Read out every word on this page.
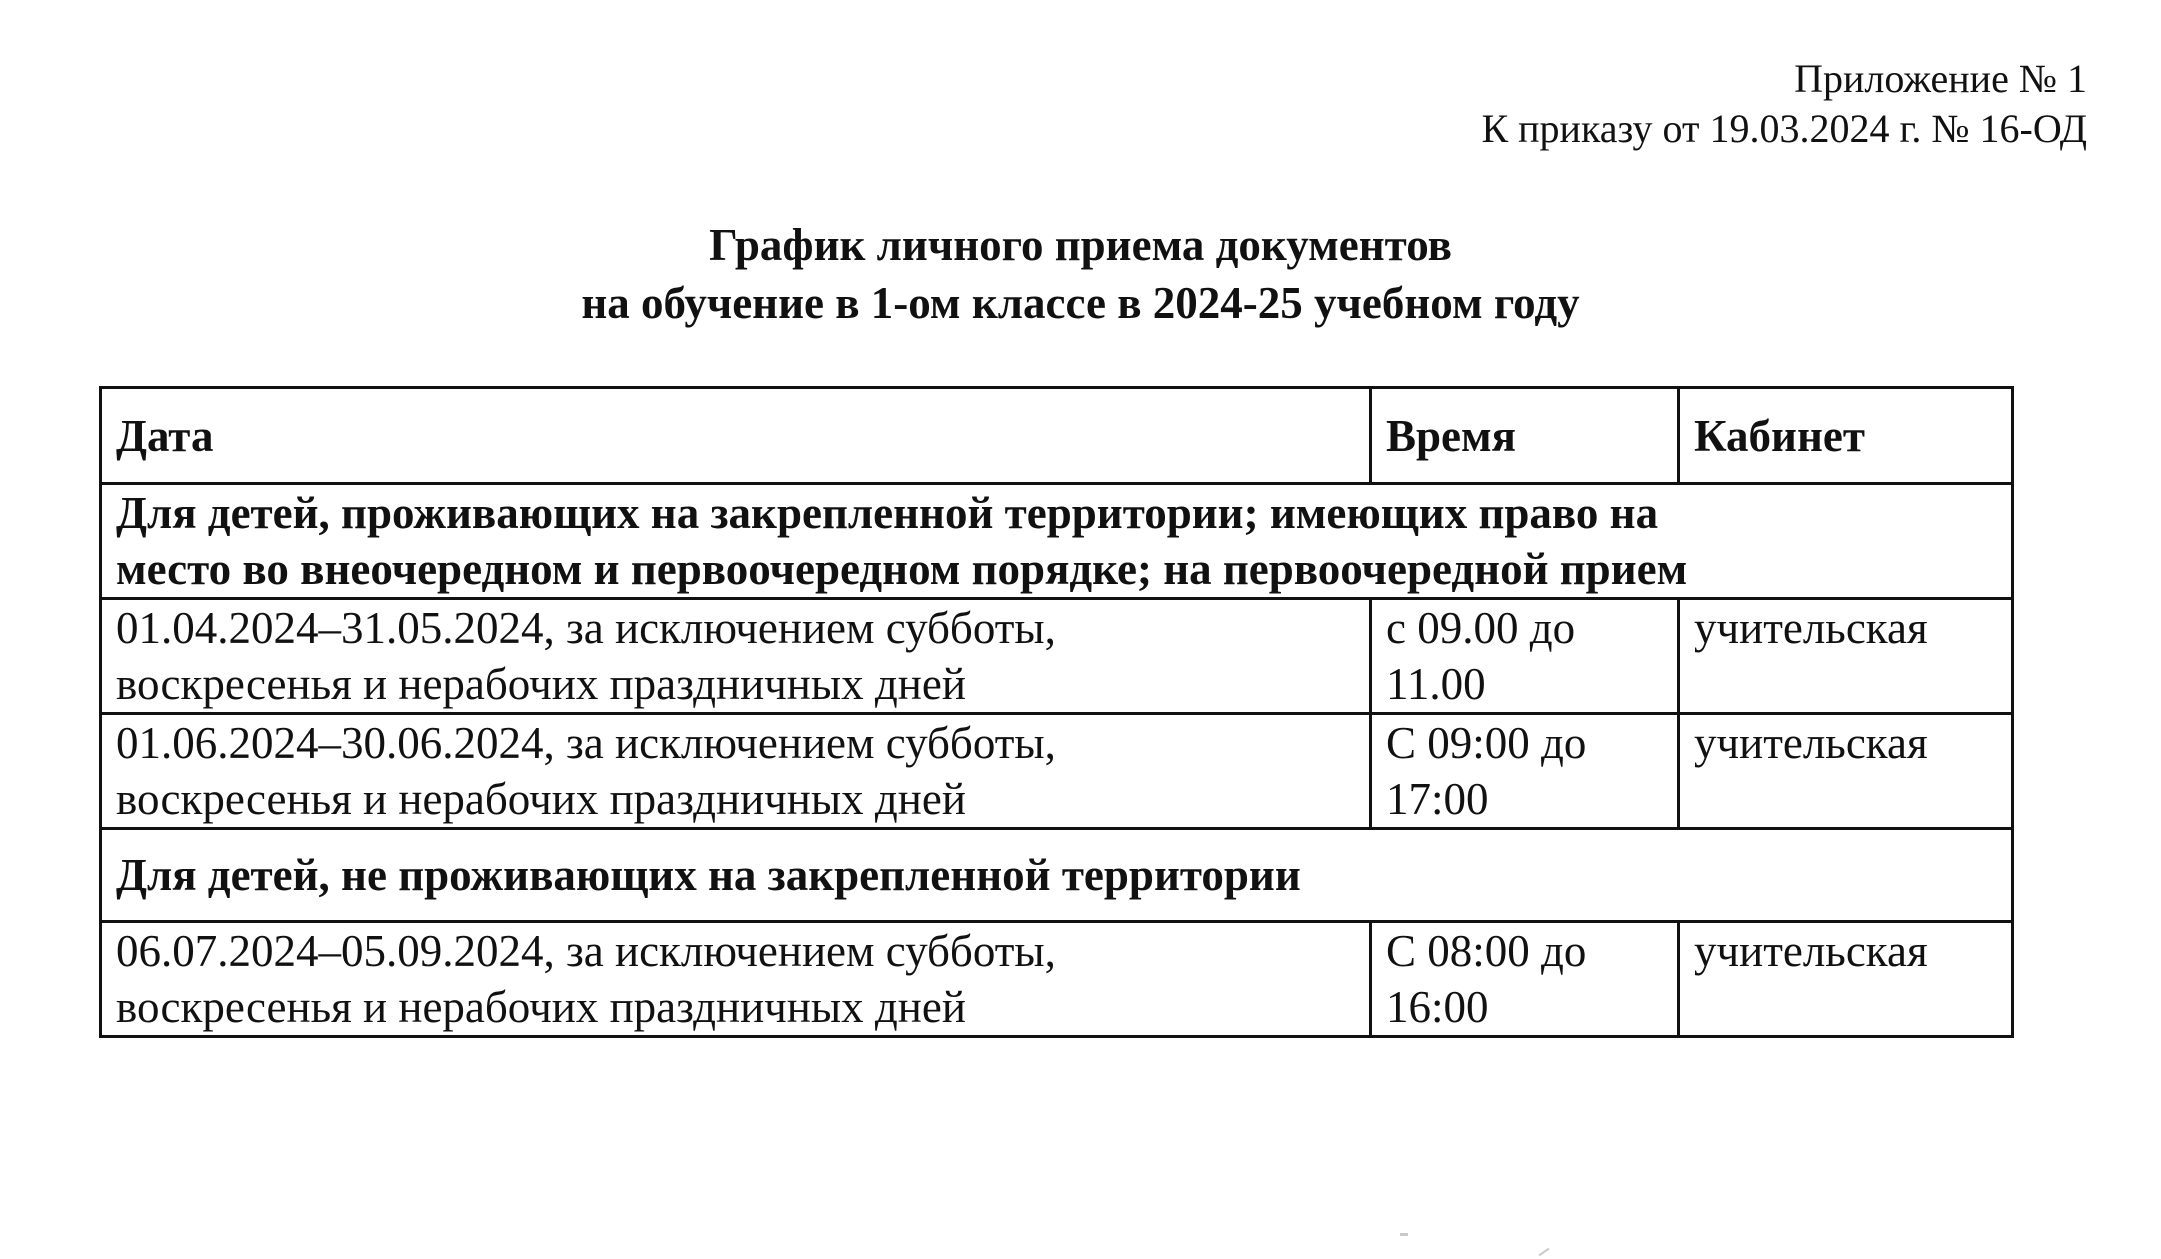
Приложение № 1
К приказу от 19.03.2024 г. № 16-ОД
График личного приема документов
на обучение в 1-ом классе в 2024-25 учебном году
Дата	Время	Кабинет

Для детей, проживающих на закрепленной территории; имеющих право на
место во внеочередном и первоочередном порядке; на первоочередной прием		

01.04.2024–31.05.2024, за исключением субботы,
воскресенья и нерабочих праздничных дней	с 09.00 до
11.00	учительская

01.06.2024–30.06.2024, за исключением субботы,
воскресенья и нерабочих праздничных дней	С 09:00 до
17:00	учительская
Для детей, не проживающих на закрепленной территории		

06.07.2024–05.09.2024, за исключением субботы,
воскресенья и нерабочих праздничных дней	С 08:00 до
16:00	учительская
